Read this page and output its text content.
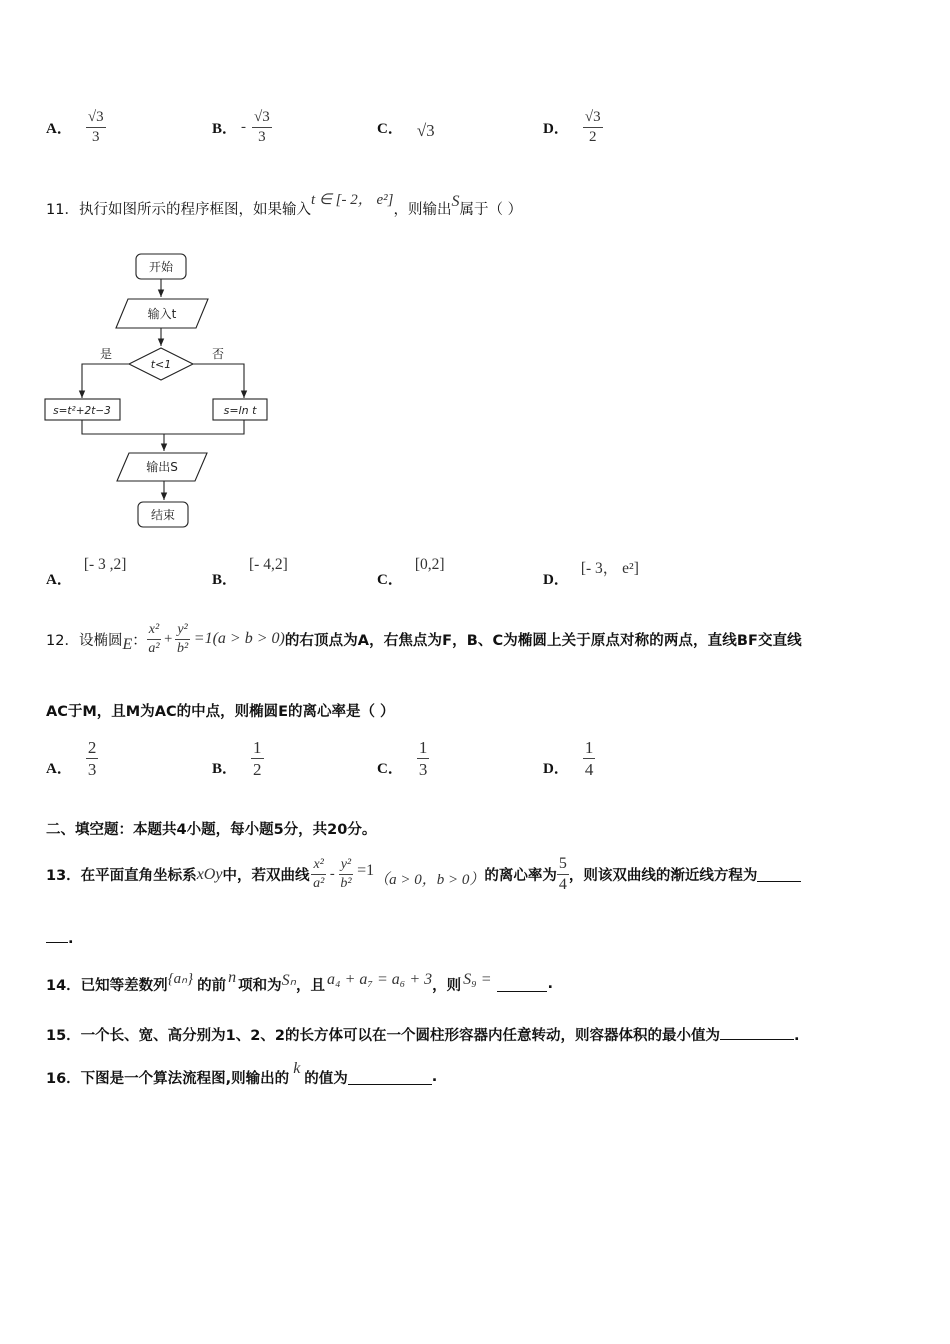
A． $\frac{√3}{3}$	B． - $\frac{√3}{3}$	C． √3	D． $\frac{√3}{2}$
11．执行如图所示的程序框图，如果输入t ∈ [- 2， e²]，则输出S属于（ ）
开始
输入t
t<1
是	否
s=t²+2t−3	s=ln t
输出S
结束
A．
[- 3 ,2]
B．
[- 4,2]
C．
[0,2]
D．
[- 3， e²]
12．设椭圆 E ： $\frac{\text{x²}}{\text{a²}} + \frac{\text{y²}}{\text{b²}} =1(a > b > 0)$ 的右顶点为A，右焦点为F，B、C为椭圆上关于原点对称的两点，直线BF交直线
AC于M，且M为AC的中点，则椭圆E的离心率是（ ）
A． $\frac{2}{3}$	B． $\frac{1}{2}$	C． $\frac{1}{3}$	D． $\frac{1}{4}$
二、填空题：本题共4小题，每小题5分，共20分。
13．在平面直角坐标系 xOy 中，若双曲线 $\frac{\text{x²}}{\text{a²}} - \frac{\text{y²}}{\text{b²}} =1$
（a > 0，b > 0） 的离心率为 $\frac{5}{4}$ ，则该双曲线的渐近线方程为
.
14．已知等差数列 {aₙ} 的前 n 项和为 Sₙ ，且 a₄ + a₇ = a₆ + 3 ，则 S₉ =	.
15．一个长、宽、高分别为1、2、2的长方体可以在一个圆柱形容器内任意转动，则容器体积的最小值为	.
16．下图是一个算法流程图,则输出的
k
的值为	.
